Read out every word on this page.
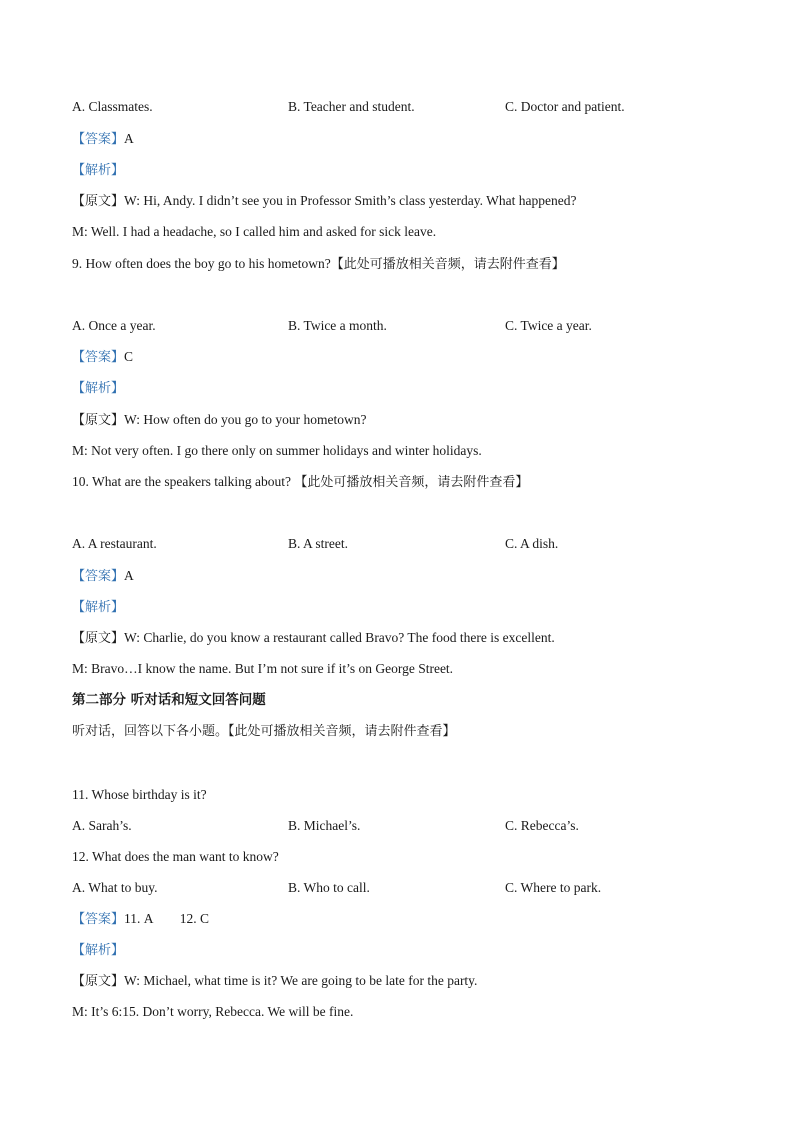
A. Classmates.	B. Teacher and student.	C. Doctor and patient.
【答案】A
【解析】
【原文】W: Hi, Andy. I didn’t see you in Professor Smith’s class yesterday. What happened?
M: Well. I had a headache, so I called him and asked for sick leave.
9. How often does the boy go to his hometown?【此处可播放相关音频，请去附件查看】
A. Once a year.	B. Twice a month.	C. Twice a year.
【答案】C
【解析】
【原文】W: How often do you go to your hometown?
M: Not very often. I go there only on summer holidays and winter holidays.
10. What are the speakers talking about? 【此处可播放相关音频，请去附件查看】
A. A restaurant.	B. A street.	C. A dish.
【答案】A
【解析】
【原文】W: Charlie, do you know a restaurant called Bravo? The food there is excellent.
M: Bravo…I know the name. But I’m not sure if it’s on George Street.
第二部分 听对话和短文回答问题
听对话，回答以下各小题。【此处可播放相关音频，请去附件查看】
11. Whose birthday is it?
A. Sarah’s.	B. Michael’s.	C. Rebecca’s.
12. What does the man want to know?
A. What to buy.	B. Who to call.	C. Where to park.
【答案】11. A        12. C
【解析】
【原文】W: Michael, what time is it? We are going to be late for the party.
M: It’s 6:15. Don’t worry, Rebecca. We will be fine.
